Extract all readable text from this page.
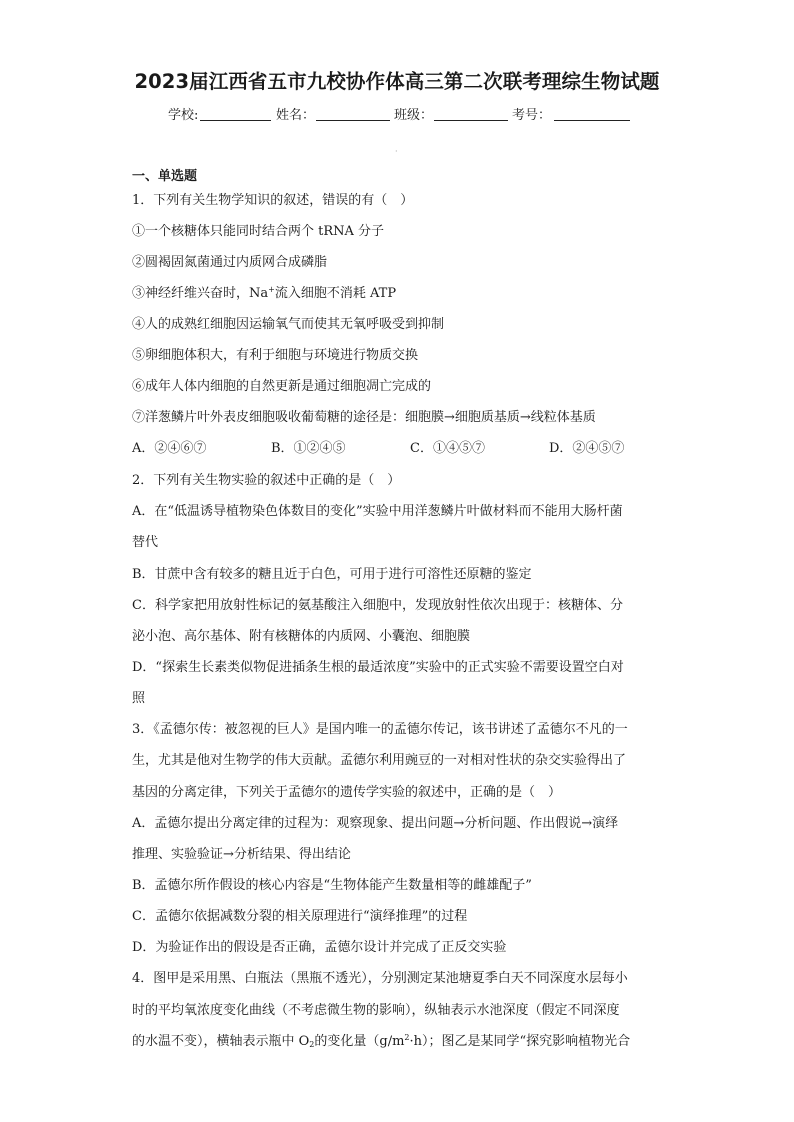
2023届江西省五市九校协作体高三第二次联考理综生物试题
学校:	姓名：	班级：	考号：
·
一、单选题
1．下列有关生物学知识的叙述，错误的有（　）
①一个核糖体只能同时结合两个 tRNA 分子
②圆褐固氮菌通过内质网合成磷脂
③神经纤维兴奋时，Na+流入细胞不消耗 ATP
④人的成熟红细胞因运输氧气而使其无氧呼吸受到抑制
⑤卵细胞体积大，有利于细胞与环境进行物质交换
⑥成年人体内细胞的自然更新是通过细胞凋亡完成的
⑦洋葱鳞片叶外表皮细胞吸收葡萄糖的途径是：细胞膜→细胞质基质→线粒体基质
A．②④⑥⑦	B．①②④⑤	C．①④⑤⑦	D．②④⑤⑦
2．下列有关生物实验的叙述中正确的是（　）
A．在“低温诱导植物染色体数目的变化”实验中用洋葱鳞片叶做材料而不能用大肠杆菌
替代
B．甘蔗中含有较多的糖且近于白色，可用于进行可溶性还原糖的鉴定
C．科学家把用放射性标记的氨基酸注入细胞中，发现放射性依次出现于：核糖体、分
泌小泡、高尔基体、附有核糖体的内质网、小囊泡、细胞膜
D．“探索生长素类似物促进插条生根的最适浓度”实验中的正式实验不需要设置空白对
照
3．《孟德尔传：被忽视的巨人》是国内唯一的孟德尔传记，该书讲述了孟德尔不凡的一
生，尤其是他对生物学的伟大贡献。孟德尔利用豌豆的一对相对性状的杂交实验得出了
基因的分离定律，下列关于孟德尔的遗传学实验的叙述中，正确的是（　）
A．孟德尔提出分离定律的过程为：观察现象、提出问题→分析问题、作出假说→演绎
推理、实验验证→分析结果、得出结论
B．孟德尔所作假设的核心内容是“生物体能产生数量相等的雌雄配子”
C．孟德尔依据减数分裂的相关原理进行“演绎推理”的过程
D．为验证作出的假设是否正确，孟德尔设计并完成了正反交实验
4．图甲是采用黑、白瓶法（黑瓶不透光），分别测定某池塘夏季白天不同深度水层每小
时的平均氧浓度变化曲线（不考虑微生物的影响），纵轴表示水池深度（假定不同深度
的水温不变），横轴表示瓶中 $O_2$的变化量$(g/m^2\cdot h)$；图乙是某同学“探究影响植物光合
